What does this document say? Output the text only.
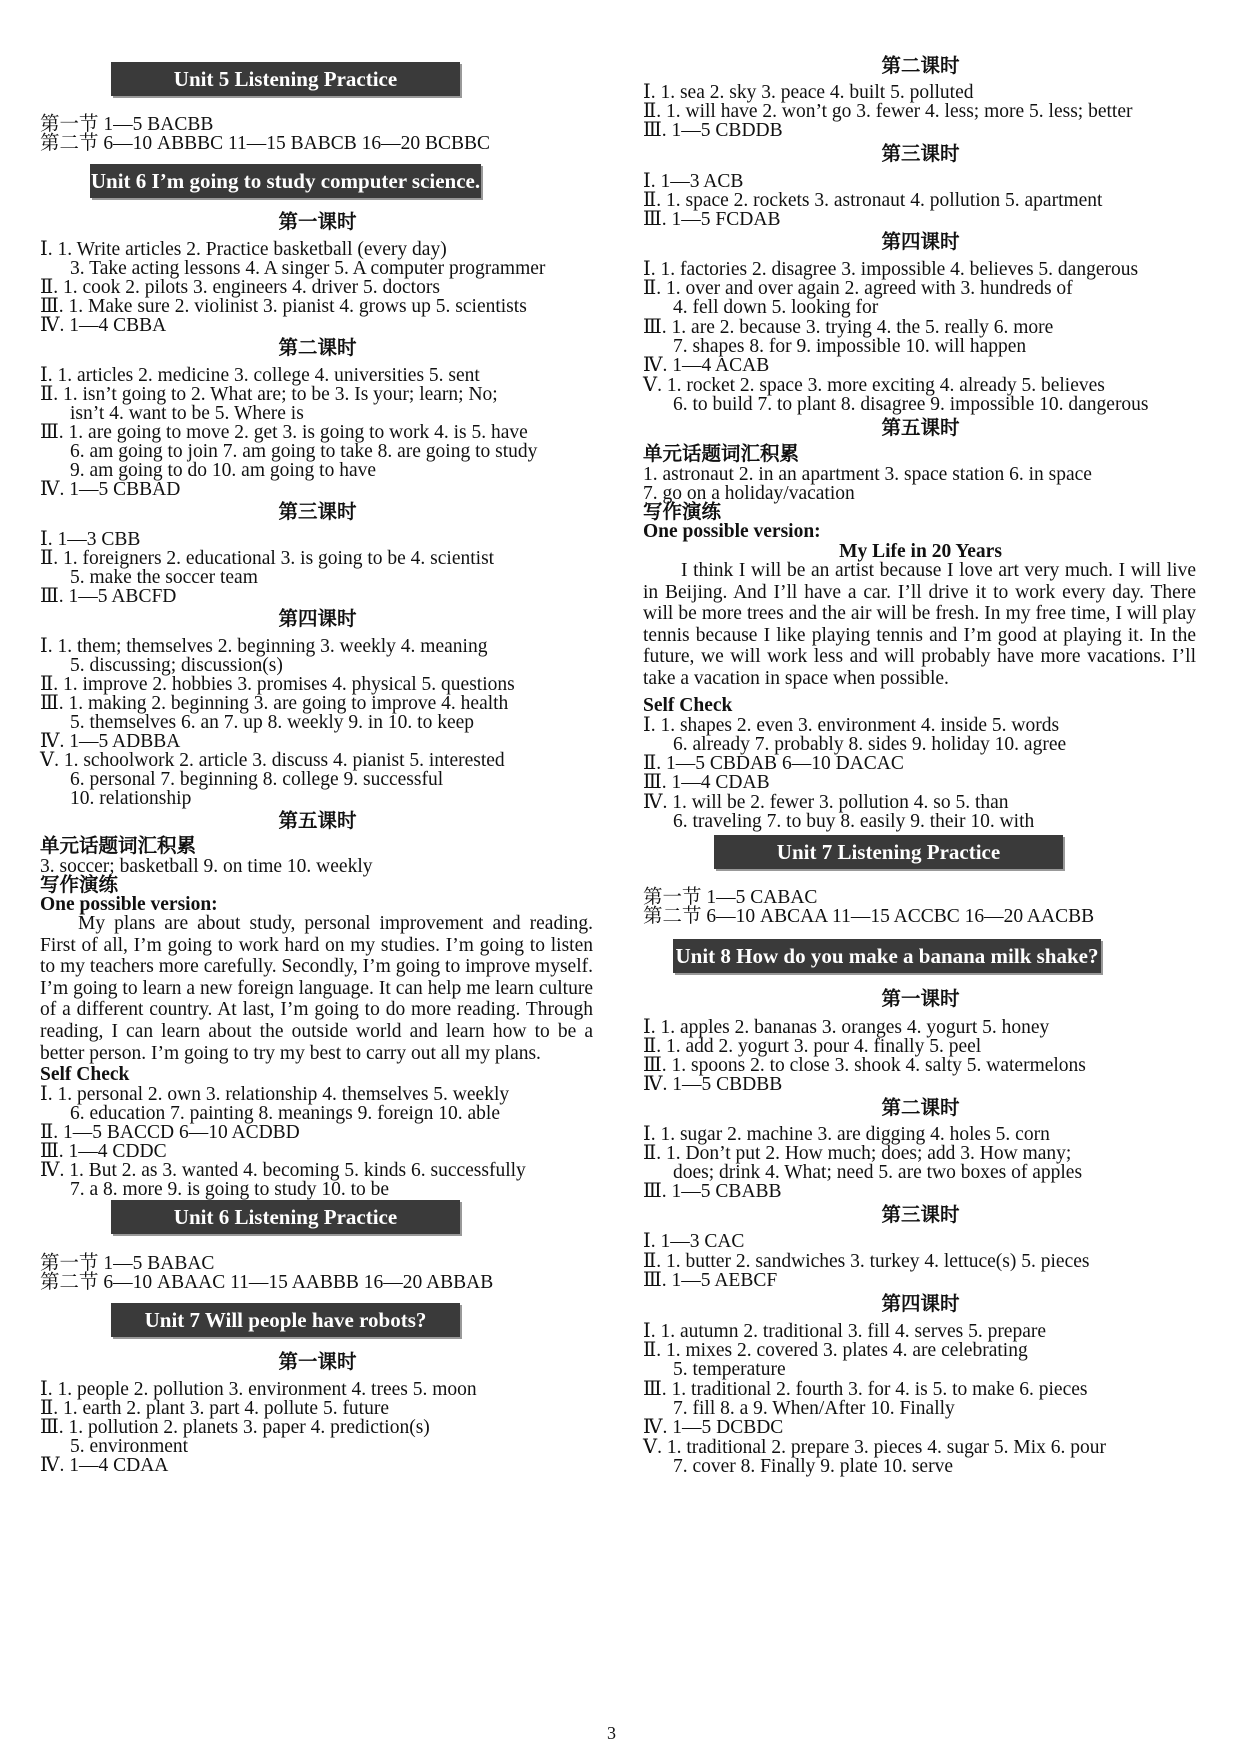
Unit 5 Listening Practice
第一节 1—5 BACBB
第二节 6—10 ABBBC 11—15 BABCB 16—20 BCBBC
Unit 6 I’m going to study computer science.
第一课时
Ⅰ. 1. Write articles 2. Practice basketball (every day)
3. Take acting lessons 4. A singer 5. A computer programmer
Ⅱ. 1. cook 2. pilots 3. engineers 4. driver 5. doctors
Ⅲ. 1. Make sure 2. violinist 3. pianist 4. grows up 5. scientists
Ⅳ. 1—4 CBBA
第二课时
Ⅰ. 1. articles 2. medicine 3. college 4. universities 5. sent
Ⅱ. 1. isn’t going to 2. What are; to be 3. Is your; learn; No;
isn’t 4. want to be 5. Where is
Ⅲ. 1. are going to move 2. get 3. is going to work 4. is 5. have
6. am going to join 7. am going to take 8. are going to study
9. am going to do 10. am going to have
Ⅳ. 1—5 CBBAD
第三课时
Ⅰ. 1—3 CBB
Ⅱ. 1. foreigners 2. educational 3. is going to be 4. scientist
5. make the soccer team
Ⅲ. 1—5 ABCFD
第四课时
Ⅰ. 1. them; themselves 2. beginning 3. weekly 4. meaning
5. discussing; discussion(s)
Ⅱ. 1. improve 2. hobbies 3. promises 4. physical 5. questions
Ⅲ. 1. making 2. beginning 3. are going to improve 4. health
5. themselves 6. an 7. up 8. weekly 9. in 10. to keep
Ⅳ. 1—5 ADBBA
Ⅴ. 1. schoolwork 2. article 3. discuss 4. pianist 5. interested
6. personal 7. beginning 8. college 9. successful
10. relationship
第五课时
单元话题词汇积累
3. soccer; basketball 9. on time 10. weekly
写作演练
One possible version:

My plans are about study, personal improvement and reading. First of all, I’m going to work hard on my studies. I’m going to listen to my teachers more carefully. Secondly, I’m going to improve myself. I’m going to learn a new foreign language. It can help me learn culture of a different country. At last, I’m going to do more reading. Through reading, I can learn about the outside world and learn how to be a better person. I’m going to try my best to carry out all my plans.

Self Check
Ⅰ. 1. personal 2. own 3. relationship 4. themselves 5. weekly
6. education 7. painting 8. meanings 9. foreign 10. able
Ⅱ. 1—5 BACCD 6—10 ACDBD
Ⅲ. 1—4 CDDC
Ⅳ. 1. But 2. as 3. wanted 4. becoming 5. kinds 6. successfully
7. a 8. more 9. is going to study 10. to be
Unit 6 Listening Practice
第一节 1—5 BABAC
第二节 6—10 ABAAC 11—15 AABBB 16—20 ABBAB
Unit 7 Will people have robots?
第一课时
Ⅰ. 1. people 2. pollution 3. environment 4. trees 5. moon
Ⅱ. 1. earth 2. plant 3. part 4. pollute 5. future
Ⅲ. 1. pollution 2. planets 3. paper 4. prediction(s)
5. environment
Ⅳ. 1—4 CDAA
第二课时
Ⅰ. 1. sea 2. sky 3. peace 4. built 5. polluted
Ⅱ. 1. will have 2. won’t go 3. fewer 4. less; more 5. less; better
Ⅲ. 1—5 CBDDB
第三课时
Ⅰ. 1—3 ACB
Ⅱ. 1. space 2. rockets 3. astronaut 4. pollution 5. apartment
Ⅲ. 1—5 FCDAB
第四课时
Ⅰ. 1. factories 2. disagree 3. impossible 4. believes 5. dangerous
Ⅱ. 1. over and over again 2. agreed with 3. hundreds of
4. fell down 5. looking for
Ⅲ. 1. are 2. because 3. trying 4. the 5. really 6. more
7. shapes 8. for 9. impossible 10. will happen
Ⅳ. 1—4 ACAB
Ⅴ. 1. rocket 2. space 3. more exciting 4. already 5. believes
6. to build 7. to plant 8. disagree 9. impossible 10. dangerous
第五课时
单元话题词汇积累
1. astronaut 2. in an apartment 3. space station 6. in space
7. go on a holiday/vacation
写作演练
One possible version:
My Life in 20 Years

I think I will be an artist because I love art very much. I will live in Beijing. And I’ll have a car. I’ll drive it to work every day. There will be more trees and the air will be fresh. In my free time, I will play tennis because I like playing tennis and I’m good at playing it. In the future, we will work less and will probably have more vacations. I’ll take a vacation in space when possible.

Self Check
Ⅰ. 1. shapes 2. even 3. environment 4. inside 5. words
6. already 7. probably 8. sides 9. holiday 10. agree
Ⅱ. 1—5 CBDAB 6—10 DACAC
Ⅲ. 1—4 CDAB
Ⅳ. 1. will be 2. fewer 3. pollution 4. so 5. than
6. traveling 7. to buy 8. easily 9. their 10. with
Unit 7 Listening Practice
第一节 1—5 CABAC
第二节 6—10 ABCAA 11—15 ACCBC 16—20 AACBB
Unit 8 How do you make a banana milk shake?
第一课时
Ⅰ. 1. apples 2. bananas 3. oranges 4. yogurt 5. honey
Ⅱ. 1. add 2. yogurt 3. pour 4. finally 5. peel
Ⅲ. 1. spoons 2. to close 3. shook 4. salty 5. watermelons
Ⅳ. 1—5 CBDBB
第二课时
Ⅰ. 1. sugar 2. machine 3. are digging 4. holes 5. corn
Ⅱ. 1. Don’t put 2. How much; does; add 3. How many;
does; drink 4. What; need 5. are two boxes of apples
Ⅲ. 1—5 CBABB
第三课时
Ⅰ. 1—3 CAC
Ⅱ. 1. butter 2. sandwiches 3. turkey 4. lettuce(s) 5. pieces
Ⅲ. 1—5 AEBCF
第四课时
Ⅰ. 1. autumn 2. traditional 3. fill 4. serves 5. prepare
Ⅱ. 1. mixes 2. covered 3. plates 4. are celebrating
5. temperature
Ⅲ. 1. traditional 2. fourth 3. for 4. is 5. to make 6. pieces
7. fill 8. a 9. When/After 10. Finally
Ⅳ. 1—5 DCBDC
Ⅴ. 1. traditional 2. prepare 3. pieces 4. sugar 5. Mix 6. pour
7. cover 8. Finally 9. plate 10. serve
3
